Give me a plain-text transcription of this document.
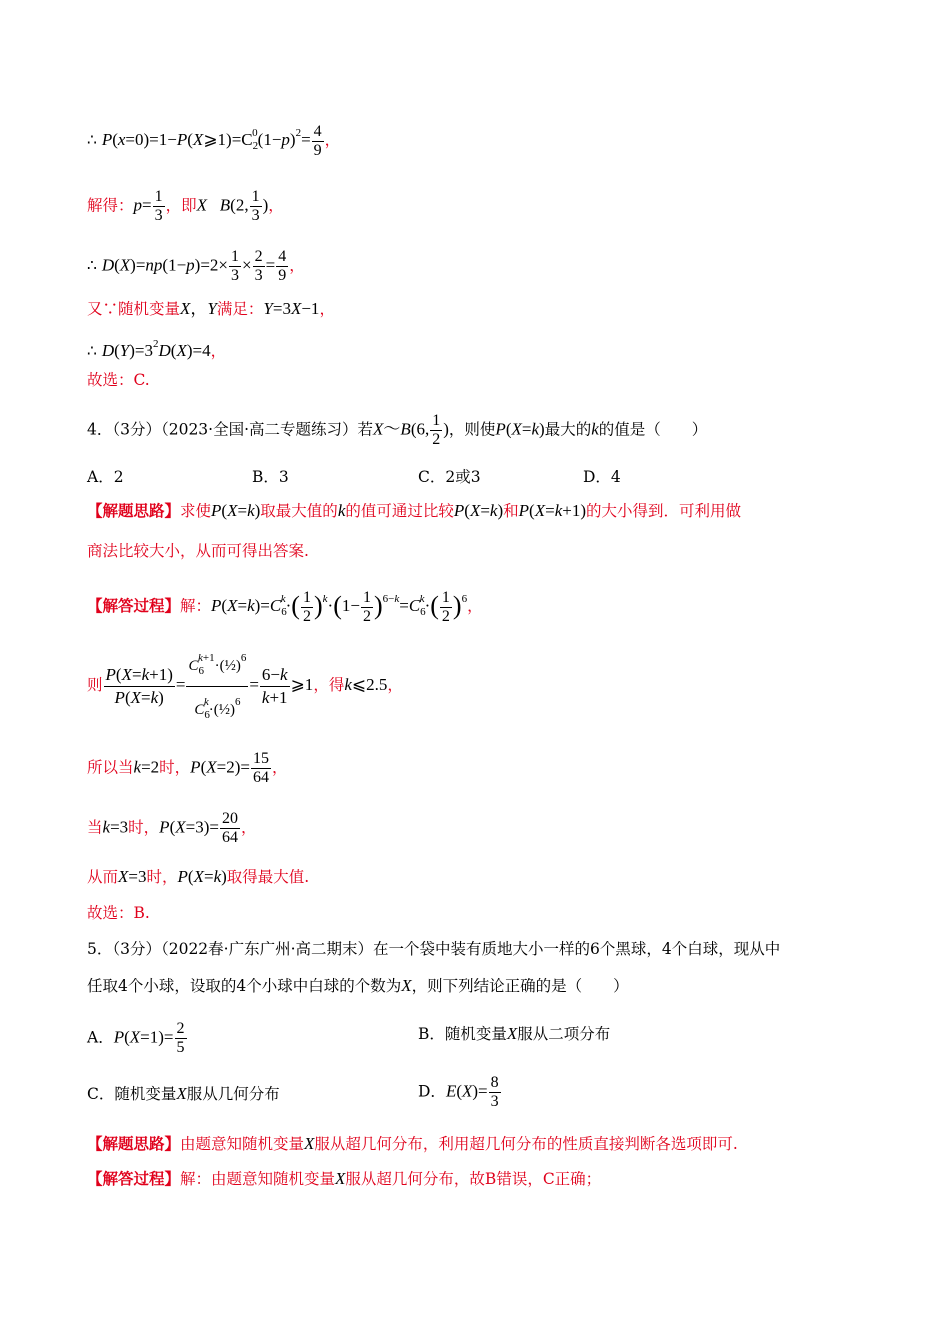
∴ $P(x=0)=1-P(X⩾1)=C_2^0(1-p)^2= \frac{4}{9}$ ，
解得：$p= \frac{1}{3}$ ，即X B(2, $\frac{1}{3}$ )，
∴ $D(X)=np(1-p)=2\times \frac{1}{3} \times \frac{2}{3} = \frac{4}{9}$ ，
又∵随机变量X，Y满足：Y=3X−1，
∴ $D(Y)=3^2D(X)=4$，
故选：C.
4．（3分）（2023·全国·高二专题练习）若X～B(6, $\frac{1}{2}$ )，则使P(X=k)最大的k的值是（　　）
A．2	B．3	C．2或3	D．4
【解题思路】求使P(X=k)取最大值的k的值可通过比较P(X=k)和P(X=k+1)的大小得到．可利用做
商法比较大小，从而可得出答案.
【解答过程】解：$P(X=k)=C_6^k\cdot( \frac{1}{2} )^k\cdot(1- \frac{1}{2} )^{6-k}=C_6^k\cdot( \frac{1}{2} )^6$，
则 $\frac{P(X=k+1)}{P(X=k)} = \frac{C_6^{k+1}\cdot(\frac{1}{2})^6}{C_6^k\cdot(\frac{1}{2})^6} = \frac{6-k}{k+1}$ ⩾1，得k⩽2.5，
所以当k=2时，$P(X=2)= \frac{15}{64}$ ，
当k=3时，$P(X=3)= \frac{20}{64}$ ，
从而X=3时，P(X=k)取得最大值.
故选：B.
5．（3分）（2022春·广东广州·高二期末）在一个袋中装有质地大小一样的6个黑球，4个白球，现从中
任取4个小球，设取的4个小球中白球的个数为X，则下列结论正确的是（　　）
A．$P(X=1)= \frac{2}{5}$	B．随机变量X服从二项分布
C．随机变量X服从几何分布	D．$E(X)= \frac{8}{3}$
【解题思路】由题意知随机变量X服从超几何分布，利用超几何分布的性质直接判断各选项即可.
【解答过程】解：由题意知随机变量X服从超几何分布，故B错误，C正确；
